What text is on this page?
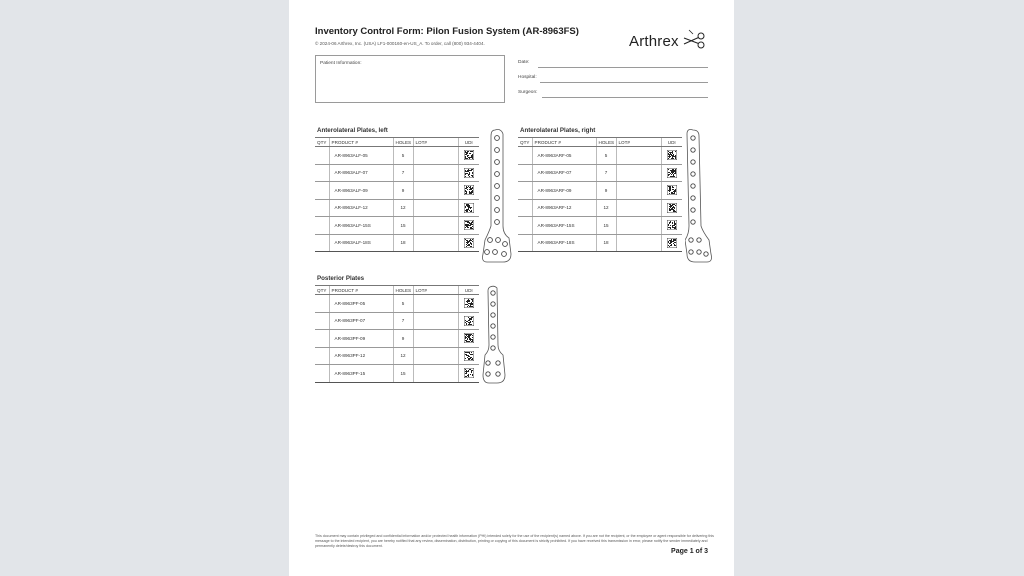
Inventory Control Form: Pilon Fusion System (AR-8963FS)
© 2024-06 Arthrex, Inc. (USA) LF1-000160-en-US_A. To order, call (800) 934-4404.	Arthrex
Patient Information:	Date:
Hospital:
Surgeon:
Anterolateral Plates, left
QTY	PRODUCT #	HOLES	LOT#	UDI
	AR-8963ALF-05	5		

	AR-8963ALF-07	7		

	AR-8963ALF-09	9		

	AR-8963ALF-12	12		

	AR-8963ALF-15S	15		

	AR-8963ALF-18S	18		
Anterolateral Plates, right
QTY	PRODUCT #	HOLES	LOT#	UDI
	AR-8963ARF-05	5		

	AR-8963ARF-07	7		

	AR-8963ARF-09	9		

	AR-8963ARF-12	12		

	AR-8963ARF-15S	15		

	AR-8963ARF-18S	18		
Posterior Plates
QTY	PRODUCT #	HOLES	LOT#	UDI
	AR-8963PF-05	5		

	AR-8963PF-07	7		

	AR-8963PF-09	9		

	AR-8963PF-12	12		

	AR-8963PF-15	15		
This document may contain privileged and confidential information and/or protected health information (PHI) intended solely for the use of the recipient(s) named above. If you are not the recipient, or the employee or agent responsible for delivering this message to the intended recipient, you are hereby notified that any review, dissemination, distribution, printing or copying of this document is strictly prohibited. If you have received this transmission in error, please notify the sender immediately and permanently delete/destroy this document.
Page 1 of 3
